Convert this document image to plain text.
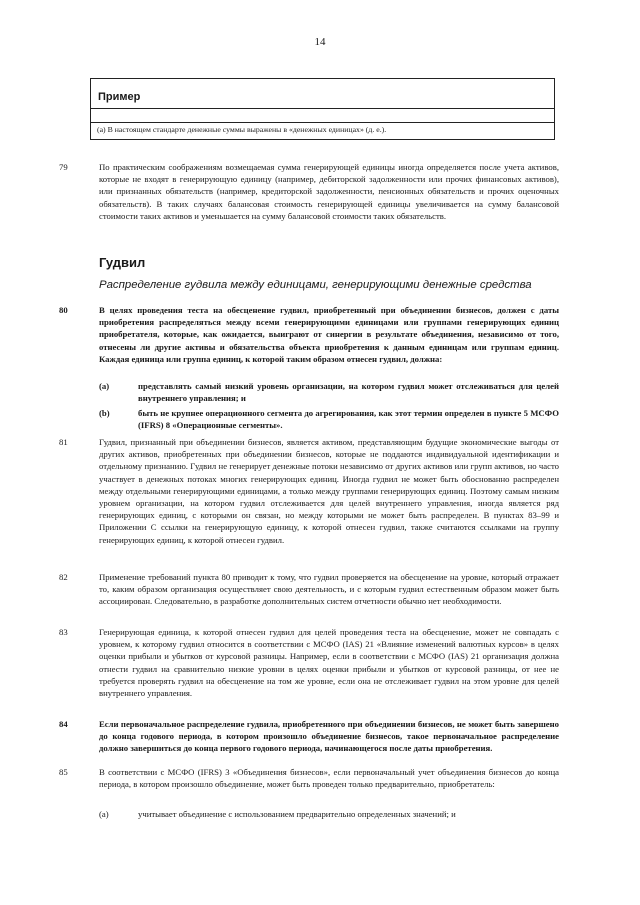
14
Пример
(a) В настоящем стандарте денежные суммы выражены в «денежных единицах» (д. е.).
79	По практическим соображениям возмещаемая сумма генерирующей единицы иногда определяется после учета активов, которые не входят в генерирующую единицу (например, дебиторской задолженности или прочих финансовых активов), или признанных обязательств (например, кредиторской задолженности, пенсионных обязательств и прочих оценочных обязательств). В таких случаях балансовая стоимость генерирующей единицы увеличивается на сумму балансовой стоимости таких активов и уменьшается на сумму балансовой стоимости таких обязательств.
Гудвил
Распределение гудвила между единицами, генерирующими денежные средства
80	В целях проведения теста на обесценение гудвил, приобретенный при объединении бизнесов, должен с даты приобретения распределяться между всеми генерирующими единицами или группами генерирующих единиц приобретателя, которые, как ожидается, выиграют от синергии в результате объединения, независимо от того, отнесены ли другие активы и обязательства объекта приобретения к данным единицам или группам единиц. Каждая единица или группа единиц, к которой таким образом отнесен гудвил, должна:
(a)	представлять самый низкий уровень организации, на котором гудвил может отслеживаться для целей внутреннего управления; и
(b)	быть не крупнее операционного сегмента до агрегирования, как этот термин определен в пункте 5 МСФО (IFRS) 8 «Операционные сегменты».
81	Гудвил, признанный при объединении бизнесов, является активом, представляющим будущие экономические выгоды от других активов, приобретенных при объединении бизнесов, которые не поддаются индивидуальной идентификации и отдельному признанию. Гудвил не генерирует денежные потоки независимо от других активов или групп активов, но часто участвует в денежных потоках многих генерирующих единиц. Иногда гудвил не может быть обоснованно распределен между отдельными генерирующими единицами, а только между группами генерирующих единиц. Поэтому самым низким уровнем организации, на котором гудвил отслеживается для целей внутреннего управления, иногда является ряд генерирующих единиц, с которыми он связан, но между которыми не может быть распределен. В пунктах 83–99 и Приложении С ссылки на генерирующую единицу, к которой отнесен гудвил, также считаются ссылками на группу генерирующих единиц, к которой отнесен гудвил.
82	Применение требований пункта 80 приводит к тому, что гудвил проверяется на обесценение на уровне, который отражает то, каким образом организация осуществляет свою деятельность, и с которым гудвил естественным образом может быть ассоциирован. Следовательно, в разработке дополнительных систем отчетности обычно нет необходимости.
83	Генерирующая единица, к которой отнесен гудвил для целей проведения теста на обесценение, может не совпадать с уровнем, к которому гудвил относится в соответствии с МСФО (IAS) 21 «Влияние изменений валютных курсов» в целях оценки прибыли и убытков от курсовой разницы. Например, если в соответствии с МСФО (IAS) 21 организация должна отнести гудвил на сравнительно низкие уровни в целях оценки прибыли и убытков от курсовой разницы, от нее не требуется проверять гудвил на обесценение на том же уровне, если она не отслеживает гудвил на этом уровне для целей внутреннего управления.
84	Если первоначальное распределение гудвила, приобретенного при объединении бизнесов, не может быть завершено до конца годового периода, в котором произошло объединение бизнесов, такое первоначальное распределение должно завершиться до конца первого годового периода, начинающегося после даты приобретения.
85	В соответствии с МСФО (IFRS) 3 «Объединения бизнесов», если первоначальный учет объединения бизнесов до конца периода, в котором произошло объединение, может быть проведен только предварительно, приобретатель:
(a)	учитывает объединение с использованием предварительно определенных значений; и
